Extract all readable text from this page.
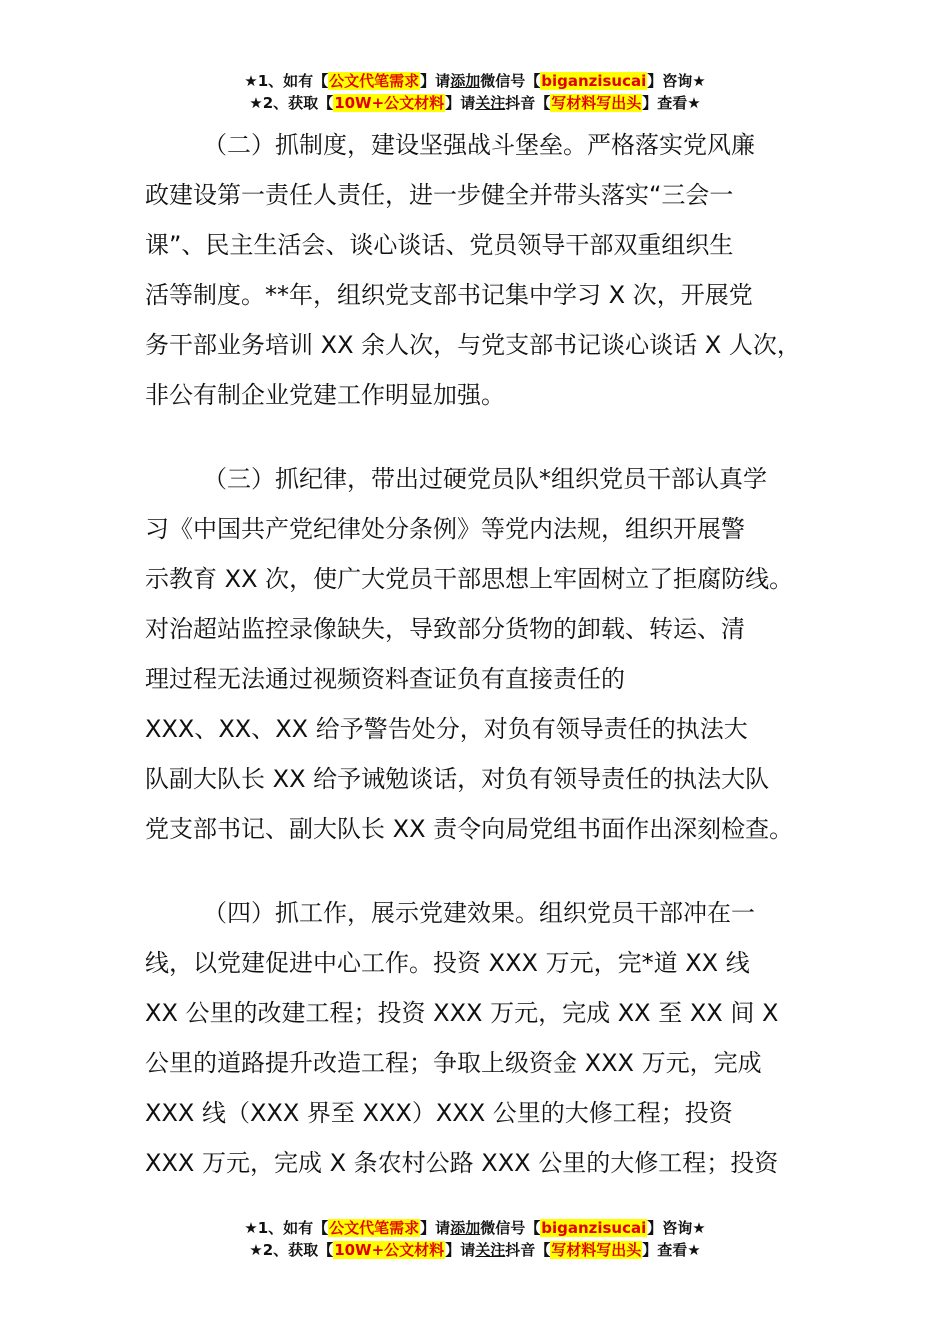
★1、如有【公文代笔需求】请添加微信号【biganzisucai】咨询★
★2、获取【10W+公文材料】请关注抖音【写材料写出头】查看★
（二）抓制度，建设坚强战斗堡垒。严格落实党风廉
政建设第一责任人责任，进一步健全并带头落实“三会一
课”、民主生活会、谈心谈话、党员领导干部双重组织生
活等制度。**年，组织党支部书记集中学习 X 次，开展党
务干部业务培训 XX 余人次，与党支部书记谈心谈话 X 人次，
非公有制企业党建工作明显加强。
（三）抓纪律，带出过硬党员队*组织党员干部认真学
习《中国共产党纪律处分条例》等党内法规，组织开展警
示教育 XX 次，使广大党员干部思想上牢固树立了拒腐防线。
对治超站监控录像缺失，导致部分货物的卸载、转运、清
理过程无法通过视频资料查证负有直接责任的
XXX、XX、XX 给予警告处分，对负有领导责任的执法大
队副大队长 XX 给予诫勉谈话，对负有领导责任的执法大队
党支部书记、副大队长 XX 责令向局党组书面作出深刻检查。
（四）抓工作，展示党建效果。组织党员干部冲在一
线，以党建促进中心工作。投资 XXX 万元，完*道 XX 线
XX 公里的改建工程；投资 XXX 万元，完成 XX 至 XX 间 X
公里的道路提升改造工程；争取上级资金 XXX 万元，完成
XXX 线（XXX 界至 XXX）XXX 公里的大修工程；投资
XXX 万元，完成 X 条农村公路 XXX 公里的大修工程；投资
★1、如有【公文代笔需求】请添加微信号【biganzisucai】咨询★
★2、获取【10W+公文材料】请关注抖音【写材料写出头】查看★
